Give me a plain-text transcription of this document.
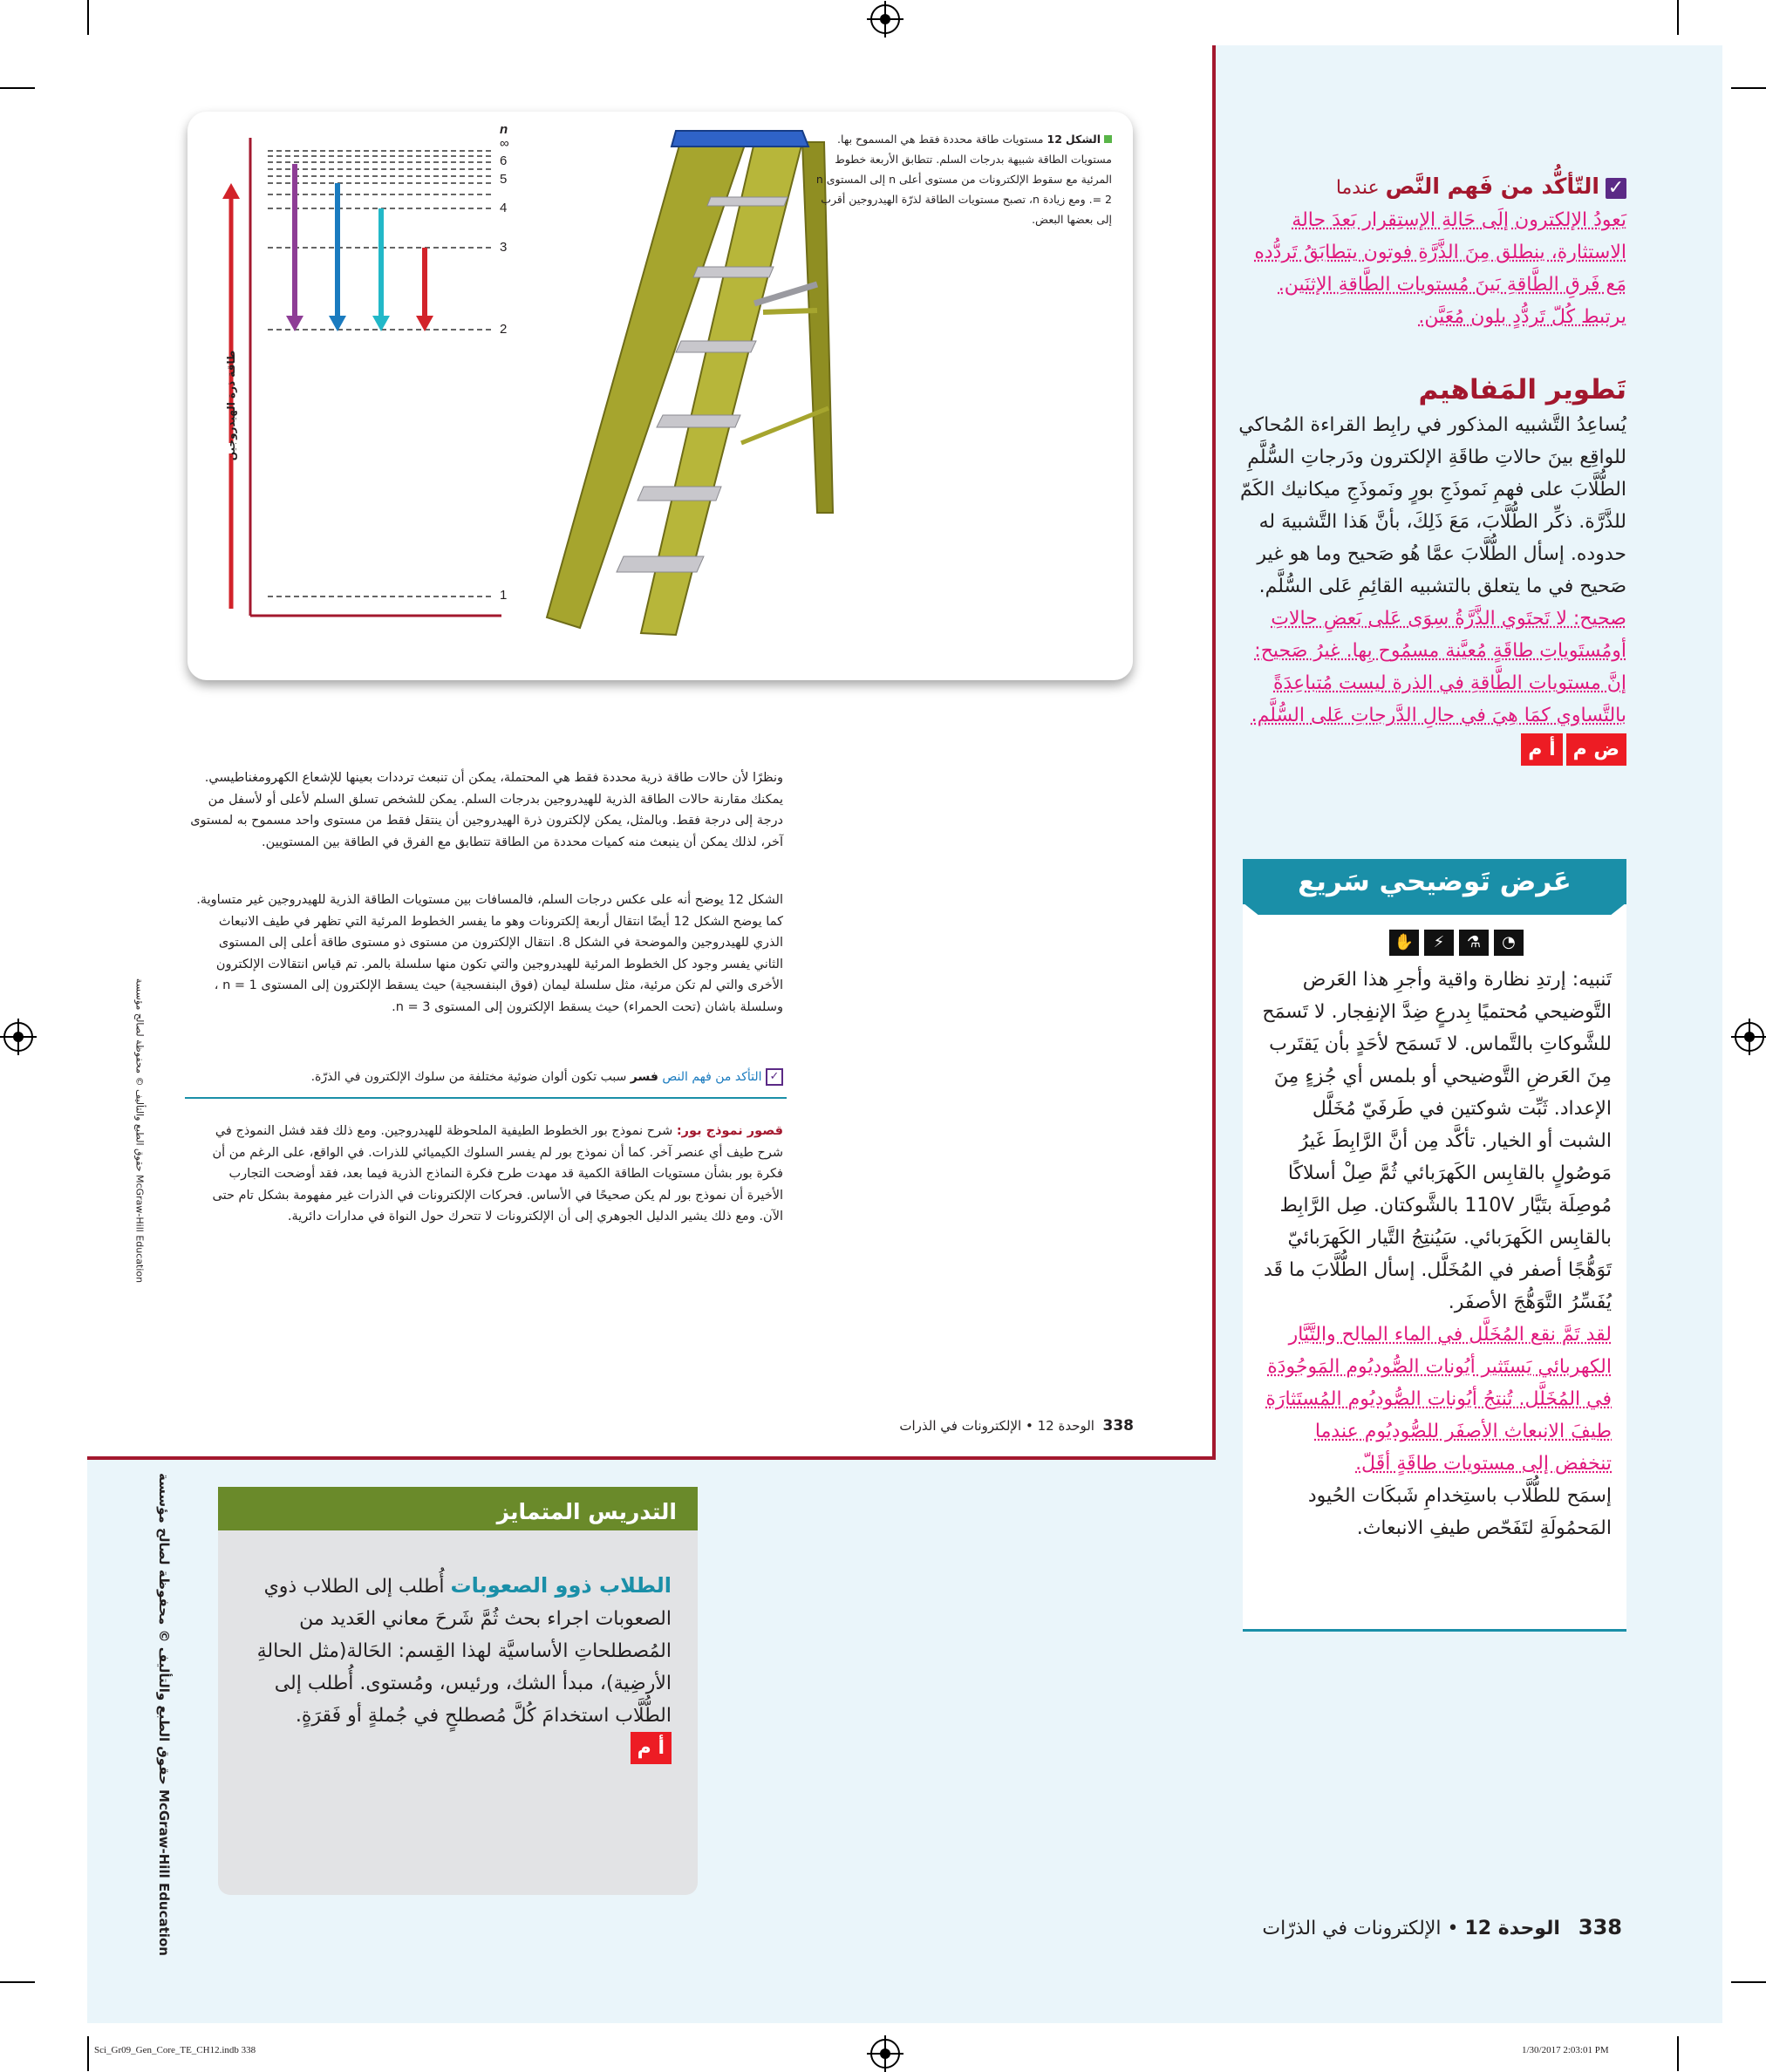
Sci_Gr09_Gen_Core_TE_CH12.indb 338	1/30/2017 2:03:01 PM
n
∞
6
5
4
3
2
1
طاقة ذرة الهيدروجين
الشكل 12 مستويات طاقة محددة فقط هي المسموح بها. مستويات الطاقة شبيهة بدرجات السلم. تتطابق الأربعة خطوط المرئية مع سقوط الإلكترونات من مستوى أعلى n إلى المستوى n = 2. ومع زيادة n، تصبح مستويات الطاقة لذرّة الهيدروجين أقرب إلى بعضها البعض.
ونظرًا لأن حالات طاقة ذرية محددة فقط هي المحتملة، يمكن أن تنبعث ترددات بعينها للإشعاع الكهرومغناطيسي. يمكنك مقارنة حالات الطاقة الذرية للهيدروجين بدرجات السلم. يمكن للشخص تسلق السلم لأعلى أو لأسفل من درجة إلى درجة فقط. وبالمثل، يمكن لإلكترون ذرة الهيدروجين أن ينتقل فقط من مستوى واحد مسموح به لمستوى آخر، لذلك يمكن أن ينبعث منه كميات محددة من الطاقة تتطابق مع الفرق في الطاقة بين المستويين.
الشكل 12 يوضح أنه على عكس درجات السلم، فالمسافات بين مستويات الطاقة الذرية للهيدروجين غير متساوية. كما يوضح الشكل 12 أيضًا انتقال أربعة إلكترونات وهو ما يفسر الخطوط المرئية التي تظهر في طيف الانبعاث الذري للهيدروجين والموضحة في الشكل 8. انتقال الإلكترون من مستوى ذو مستوى طاقة أعلى إلى المستوى الثاني يفسر وجود كل الخطوط المرئية للهيدروجين والتي تكون منها سلسلة بالمر. تم قياس انتقالات الإلكترون الأخرى والتي لم تكن مرئية، مثل سلسلة ليمان (فوق البنفسجية) حيث يسقط الإلكترون إلى المستوى n = 1 ، وسلسلة باشان (تحت الحمراء) حيث يسقط الإلكترون إلى المستوى n = 3.
✓ التأكد من فهم النص فسر سبب تكون ألوان ضوئية مختلفة من سلوك الإلكترون في الذرّة.
قصور نموذج بور: شرح نموذج بور الخطوط الطيفية الملحوظة للهيدروجين. ومع ذلك فقد فشل النموذج في شرح طيف أي عنصر آخر. كما أن نموذج بور لم يفسر السلوك الكيميائي للذرات. في الواقع، على الرغم من أن فكرة بور بشأن مستويات الطاقة الكمية قد مهدت طرح فكرة النماذج الذرية فيما بعد، فقد أوضحت التجارب الأخيرة أن نموذج بور لم يكن صحيحًا في الأساس. فحركات الإلكترونات في الذرات غير مفهومة بشكل تام حتى الآن. ومع ذلك يشير الدليل الجوهري إلى أن الإلكترونات لا تتحرك حول النواة في مدارات دائرية.
حقوق الطبع والتأليف © محفوظة لصالح مؤسسة McGraw-Hill Education
338  الوحدة 12 • الإلكترونات في الذرات
✓ التّأكُّد من فَهم النَّص عندما
يَعودُ الإلكترون إلَى حَالةِ الإستِقرار بَعدَ حالة الاستثارة، ينطلق مِنَ الذَّرَّةِ فوتون يتطابَقُ تَردُّده مَع فَرقِ الطَّاقةِ بَينَ مُستويات الطَّاقةِ الإثنَين. يرتبط كُلّ تَردُّدٍ بلون مُعَيَّن.
تَطوير المَفاهيم
يُساعِدُ التَّشبيه المذكور في رابِط القراءة المُحاكي للواقِع بينَ حالاتِ طاقَةِ الإلكترون ودَرجاتِ السُّلَّمِ الطُّلَّابَ على فهمِ نَموذَجِ بورٍ ونَموذَجِ ميكانيك الكَمّ للذَّرَّة. ذكِّر الطُّلَّابَ، مَعَ ذَلِكَ، بأنَّ هَذا التَّشبيهَ له حدوده. إسأل الطُّلَّابَ عمَّا هُو صَحيح وما هو غير صَحيح في ما يتعلق بالتشبيه القائِمِ عَلى السُّلَّم.
صحيح: لا تَحتَوي الذَّرَّةُ سِوَى عَلى بَعضِ حالاتِ أومُستَوياتِ طاقَةٍ مُعيَّنة مسمُوح بِها. غيرُ صَحيح: إنَّ مستويات الطَّاقةِ في الذرة ليست مُتباعِدَةً بالتَّساوي كمَا هِيَ في حالِ الدَّرجاتِ عَلى السُّلَّم.
ض مأ م
عَرض تَوضيحي سَريع
◔
⚗
⚡
✋
تَنبيه: إرتدِ نظارة واقية وأجرِ هذا العَرض التَّوضيحي مُحتميًا بِدرعٍ ضِدَّ الإنفِجار. لا تَسمَح للشَّوكاتِ بالتَّماس. لا تَسمَح لأحَدٍ بأن يَقتَرب مِنَ العَرضِ التَّوضيحي أو بلمس أي جُزءٍ مِنَ الإعداد. ثَبِّت شوكتين في طَرفَيّ مُخَلَّل الشبت أو الخيار. تأكَّد مِن أنَّ الرَّابِطَ غَيرُ مَوصُولٍ بالقابِس الكَهرَبائي ثُمَّ صِلْ أسلاكًا مُوصِلَة بتَيَّار 110V بالشَّوكتان. صِل الرَّابِط بالقابِس الكَهرَبائي. سَيُنتِجُ التَّيار الكَهرَبائيّ تَوَهُّجًا أصفر في المُخَلَّل. إسأل الطُّلَّابَ ما قَد يُفَسِّرُ التَّوَهُّجَ الأصفَر.
لقد تَمَّ نقع المُخَلَّل في الماء المالح والتَّيَّار الكهربائي يَستَثير أيُونات الصُّوديُوم المَوجُودَة في المُخَلَّل. تُنتِجُ أيُونات الصُّوديُوم المُستَثارَة طيفَ الانبعاث الأصفَر للصُّوديُوم عندما تنخفض إلى مستويات طاقَةٍ أقَلّ.
إسمَح للطُّلَّاب باستِخدامِ شَبكَات الحُيود المَحمُولَةِ لتَفَحّص طيفِ الانبعاث.
التدريس المتمايز
الطلاب ذوو الصعوبات أُطلب إلى الطلاب ذوي الصعوبات اجراء بحث ثُمَّ شَرحَ معاني العَديد من المُصطلحاتِ الأساسيَّة لهذا القِسم: الحَالة(مثل الحالةِ الأرضِية)، مبدأ الشك، ورئيس، ومُستوى. أُطلب إلى الطُّلَّاب استخدامَ كُلَّ مُصطلحٍ في جُملةٍ أو فَقرَةٍ. أ م
حقوق الطبع والتأليف © محفوظة لصالح مؤسسة McGraw-Hill Education	338   الوحدة 12 • الإلكترونات في الذرّات
